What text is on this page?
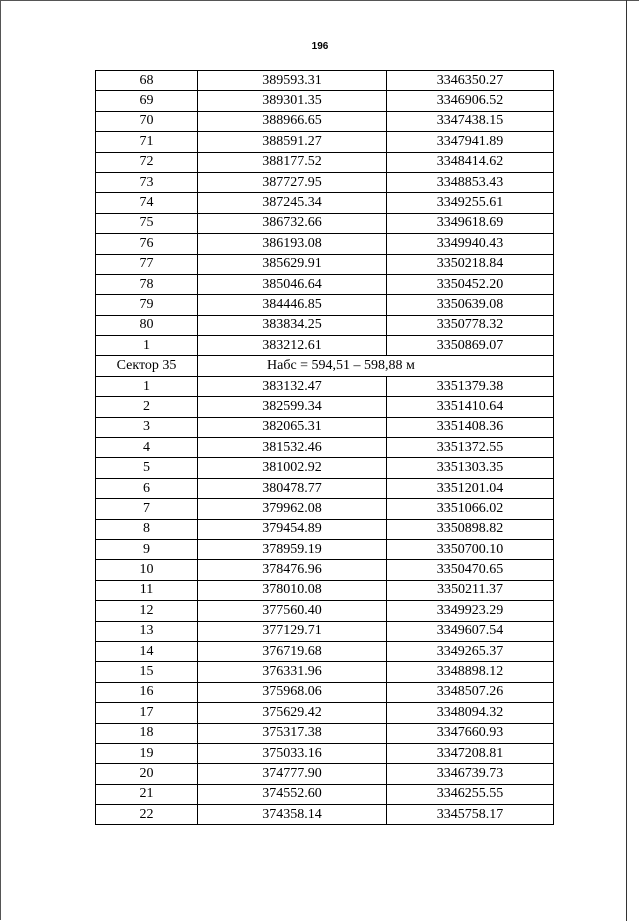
196
68	389593.31	3346350.27
69	389301.35	3346906.52
70	388966.65	3347438.15
71	388591.27	3347941.89
72	388177.52	3348414.62
73	387727.95	3348853.43
74	387245.34	3349255.61
75	386732.66	3349618.69
76	386193.08	3349940.43
77	385629.91	3350218.84
78	385046.64	3350452.20
79	384446.85	3350639.08
80	383834.25	3350778.32
1	383212.61	3350869.07
Сектор 35	Набс = 594,51 – 598,88 м	
1	383132.47	3351379.38
2	382599.34	3351410.64
3	382065.31	3351408.36
4	381532.46	3351372.55
5	381002.92	3351303.35
6	380478.77	3351201.04
7	379962.08	3351066.02
8	379454.89	3350898.82
9	378959.19	3350700.10
10	378476.96	3350470.65
11	378010.08	3350211.37
12	377560.40	3349923.29
13	377129.71	3349607.54
14	376719.68	3349265.37
15	376331.96	3348898.12
16	375968.06	3348507.26
17	375629.42	3348094.32
18	375317.38	3347660.93
19	375033.16	3347208.81
20	374777.90	3346739.73
21	374552.60	3346255.55
22	374358.14	3345758.17
